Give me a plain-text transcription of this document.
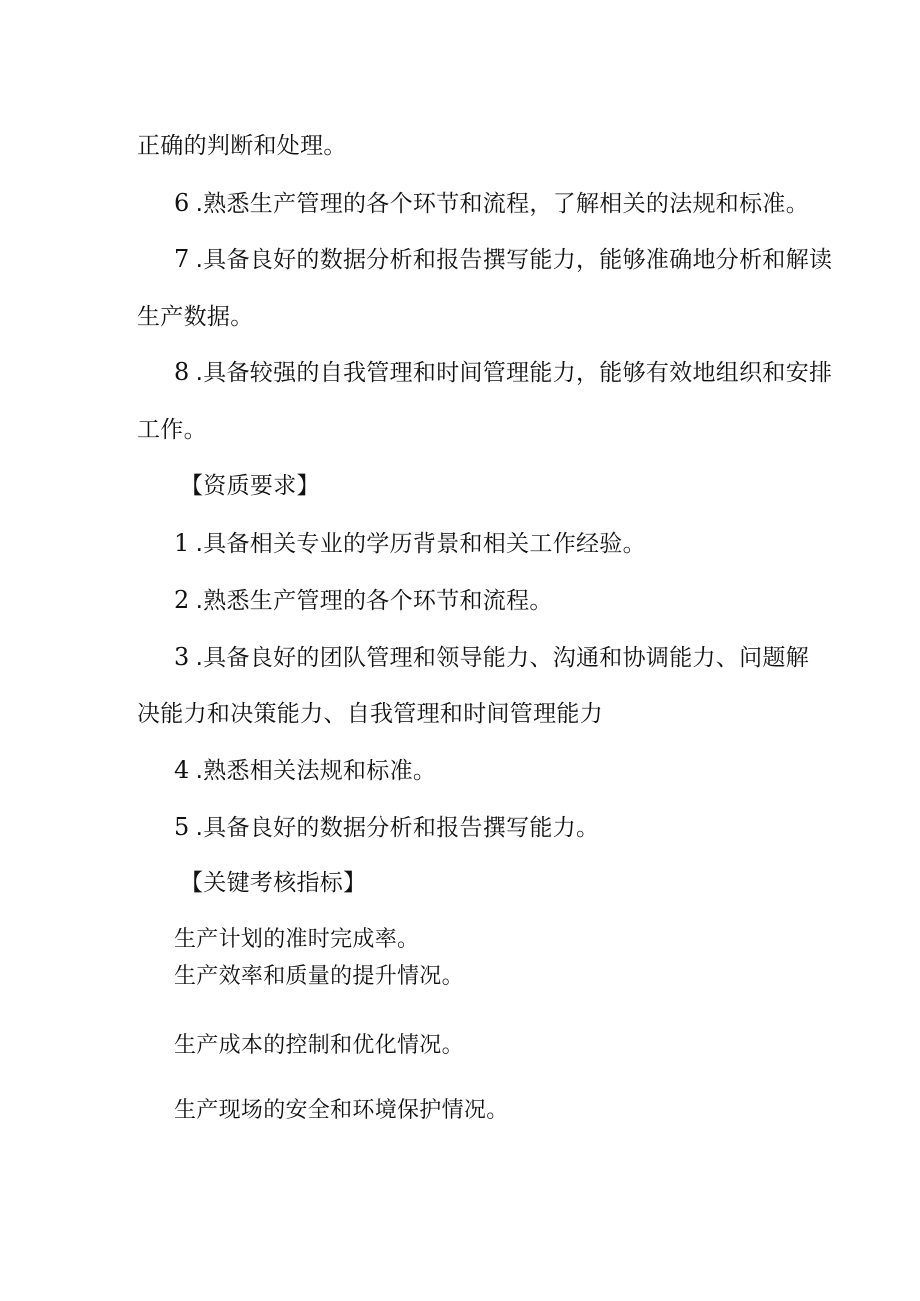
正确的判断和处理。
6 .熟悉生产管理的各个环节和流程，了解相关的法规和标准。
7 .具备良好的数据分析和报告撰写能力，能够准确地分析和解读
生产数据。
8 .具备较强的自我管理和时间管理能力，能够有效地组织和安排
工作。
【资质要求】
1 .具备相关专业的学历背景和相关工作经验。
2 .熟悉生产管理的各个环节和流程。
3 .具备良好的团队管理和领导能力、沟通和协调能力、问题解
决能力和决策能力、自我管理和时间管理能力
4 .熟悉相关法规和标准。
5 .具备良好的数据分析和报告撰写能力。
【关键考核指标】
生产计划的准时完成率。
生产效率和质量的提升情况。
生产成本的控制和优化情况。
生产现场的安全和环境保护情况。
